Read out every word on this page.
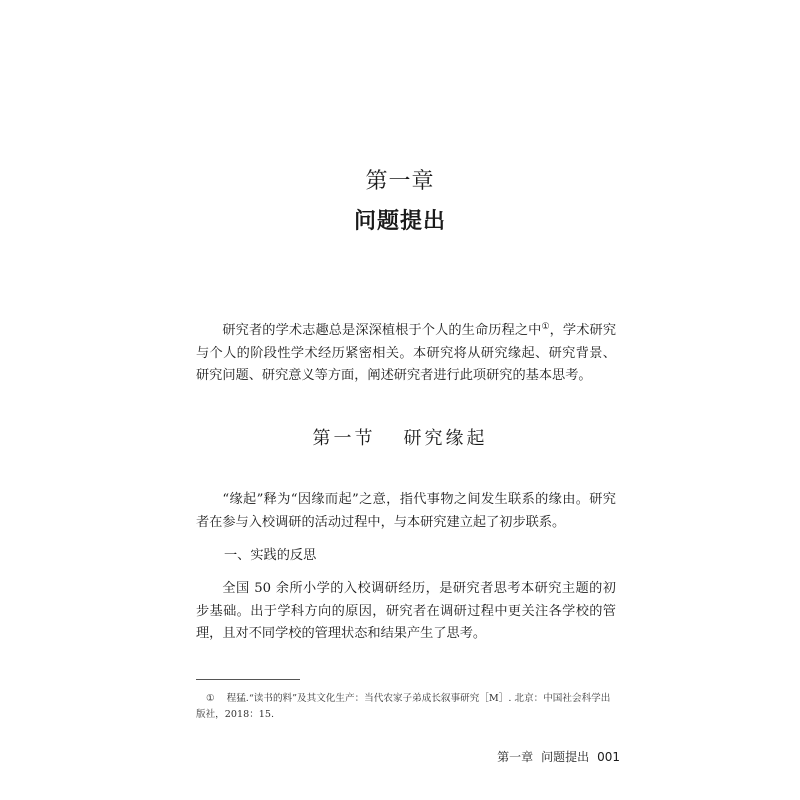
第一章
问题提出

研究者的学术志趣总是深深植根于个人的生命历程之中①，学术研究与个人的阶段性学术经历紧密相关。本研究将从研究缘起、研究背景、研究问题、研究意义等方面，阐述研究者进行此项研究的基本思考。

第一节 研究缘起

“缘起”释为“因缘而起”之意，指代事物之间发生联系的缘由。研究者在参与入校调研的活动过程中，与本研究建立起了初步联系。

一、实践的反思

全国 50 余所小学的入校调研经历，是研究者思考本研究主题的初步基础。出于学科方向的原因，研究者在调研过程中更关注各学校的管理，且对不同学校的管理状态和结果产生了思考。

① 程猛.“读书的料”及其文化生产：当代农家子弟成长叙事研究［M］. 北京：中国社会科学出版社，2018：15.

第一章 问题提出 001
